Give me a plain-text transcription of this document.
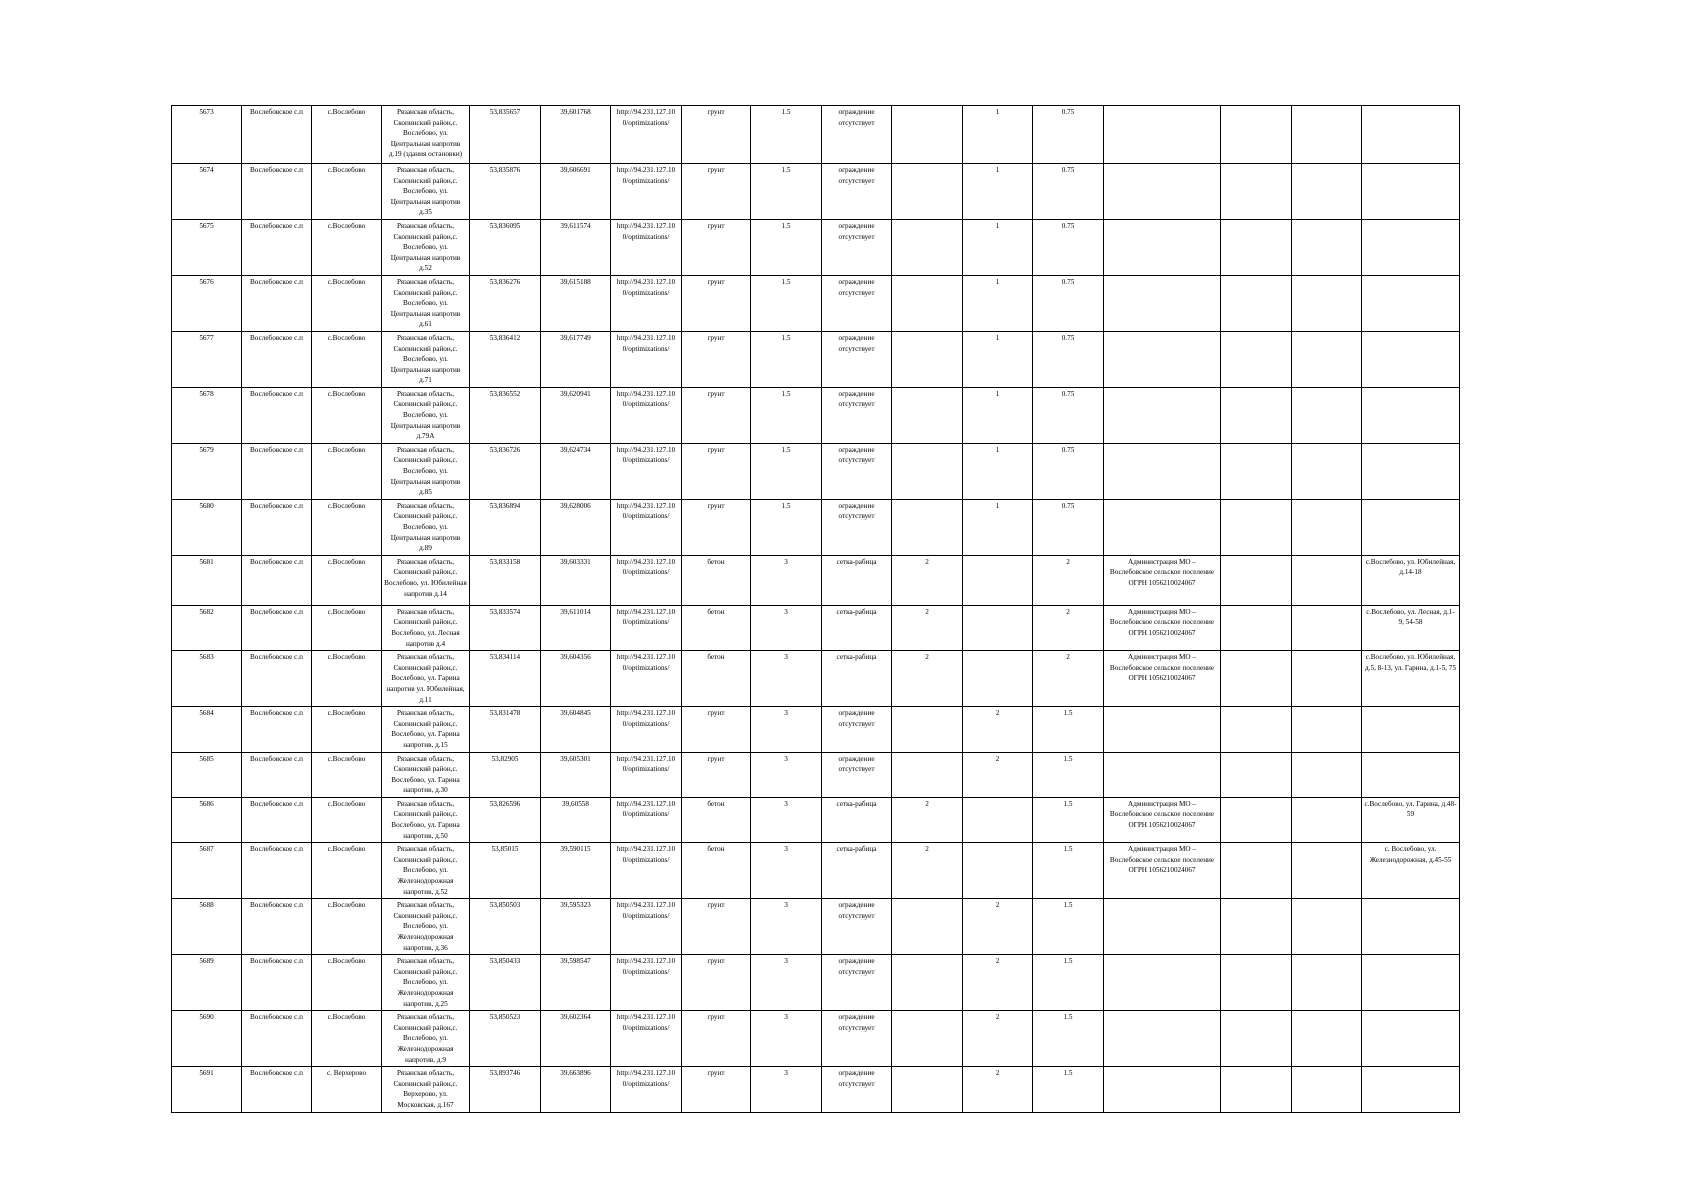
5673	Вослебовское с.п	с.Вослебово	Рязанская область, Скопинский район,с. Вослебово, ул. Центральная напротив д.19 (здания остановки)	53,835657	39,601768	http://94.231.127.10 0/optimizations/	грунт	1.5	ограждение отсутствует		1	0.75				
5674	Вослебовское с.п	с.Вослебово	Рязанская область, Скопинский район,с. Вослебово, ул. Центральная напротив д.35	53,835876	39,606691	http://94.231.127.10 0/optimizations/	грунт	1.5	ограждение отсутствует		1	0.75				
5675	Вослебовское с.п	с.Вослебово	Рязанская область, Скопинский район,с. Вослебово, ул. Центральная напротив д.52	53,836095	39,611574	http://94.231.127.10 0/optimizations/	грунт	1.5	ограждение отсутствует		1	0.75				
5676	Вослебовское с.п	с.Вослебово	Рязанская область, Скопинский район,с. Вослебово, ул. Центральная напротив д.61	53,836276	39,615188	http://94.231.127.10 0/optimizations/	грунт	1.5	ограждение отсутствует		1	0.75				
5677	Вослебовское с.п	с.Вослебово	Рязанская область, Скопинский район,с. Вослебово, ул. Центральная напротив д.71	53,836412	39,617749	http://94.231.127.10 0/optimizations/	грунт	1.5	ограждение отсутствует		1	0.75				
5678	Вослебовское с.п	с.Вослебово	Рязанская область, Скопинский район,с. Вослебово, ул. Центральная напротив д.79А	53,836552	39,620941	http://94.231.127.10 0/optimizations/	грунт	1.5	ограждение отсутствует		1	0.75				
5679	Вослебовское с.п	с.Вослебово	Рязанская область, Скопинский район,с. Вослебово, ул. Центральная напротив д.85	53,836726	39,624734	http://94.231.127.10 0/optimizations/	грунт	1.5	ограждение отсутствует		1	0.75				
5680	Вослебовское с.п	с.Вослебово	Рязанская область, Скопинский район,с. Вослебово, ул. Центральная напротив д.89	53,836894	39,628006	http://94.231.127.10 0/optimizations/	грунт	1.5	ограждение отсутствует		1	0.75				
5681	Вослебовское с.п	с.Вослебово	Рязанская область, Скопинский район,с. Вослебово, ул. Юбилейная напротив д.14	53,833158	39,603331	http://94.231.127.10 0/optimizations/	бетон	3	сетка-рабица	2		2	Администрация МО – Вослебовское сельское поселение ОГРН 1056210024067			с.Вослебово, ул. Юбилейная, д.14-18
5682	Вослебовское с.п	с.Вослебово	Рязанская область, Скопинский район,с. Вослебово, ул. Лесная напротив д.4	53,833574	39,611014	http://94.231.127.10 0/optimizations/	бетон	3	сетка-рабица	2		2	Администрация МО – Вослебовское сельское поселение ОГРН 1056210024067			с.Вослебово, ул. Лесная, д.1-9, 54-58
5683	Вослебовское с.п	с.Вослебово	Рязанская область, Скопинский район,с. Вослебово, ул. Гарина напротив ул. Юбилейная, д.11	53,834114	39,604356	http://94.231.127.10 0/optimizations/	бетон	3	сетка-рабица	2		2	Администрация МО – Вослебовское сельское поселение ОГРН 1056210024067			с.Вослебово, ул. Юбилейная, д.5, 8-13, ул. Гарина, д.1-5, 75
5684	Вослебовское с.п	с.Вослебово	Рязанская область, Скопинский район,с. Вослебово, ул. Гарина напротив, д.15	53,831478	39,604845	http://94.231.127.10 0/optimizations/	грунт	3	ограждение отсутствует		2	1.5				
5685	Вослебовское с.п	с.Вослебово	Рязанская область, Скопинский район,с. Вослебово, ул. Гарина напротив, д.30	53,82905	39,605301	http://94.231.127.10 0/optimizations/	грунт	3	ограждение отсутствует		2	1.5				
5686	Вослебовское с.п	с.Вослебово	Рязанская область, Скопинский район,с. Вослебово, ул. Гарина напротив, д.50	53,826596	39,60558	http://94.231.127.10 0/optimizations/	бетон	3	сетка-рабица	2		1.5	Администрация МО – Вослебовское сельское поселение ОГРН 1056210024067			с.Вослебово, ул. Гарина, д.48-59
5687	Вослебовское с.п	с.Вослебово	Рязанская область, Скопинский район,с. Вослебово, ул. Железнодорожная напротив, д.52	53,85015	39,590115	http://94.231.127.10 0/optimizations/	бетон	3	сетка-рабица	2		1.5	Администрация МО – Вослебовское сельское поселение ОГРН 1056210024067			с. Вослебово, ул. Железнодорожная, д.45-55
5688	Вослебовское с.п	с.Вослебово	Рязанская область, Скопинский район,с. Вослебово, ул. Железнодорожная напротив, д.36	53,850503	39,595323	http://94.231.127.10 0/optimizations/	грунт	3	ограждение отсутствует		2	1.5				
5689	Вослебовское с.п	с.Вослебово	Рязанская область, Скопинский район,с. Вослебово, ул. Железнодорожная напротив, д.25	53,850433	39,598547	http://94.231.127.10 0/optimizations/	грунт	3	ограждение отсутствует		2	1.5				
5690	Вослебовское с.п	с.Вослебово	Рязанская область, Скопинский район,с. Вослебово, ул. Железнодорожная напротив, д.9	53,850523	39,602364	http://94.231.127.10 0/optimizations/	грунт	3	ограждение отсутствует		2	1.5				
5691	Вослебовское с.п	с. Верхерово	Рязанская область, Скопинский район,с. Верхерово, ул. Московская, д.167	53,893746	39,663896	http://94.231.127.10 0/optimizations/	грунт	3	ограждение отсутствует		2	1.5				
